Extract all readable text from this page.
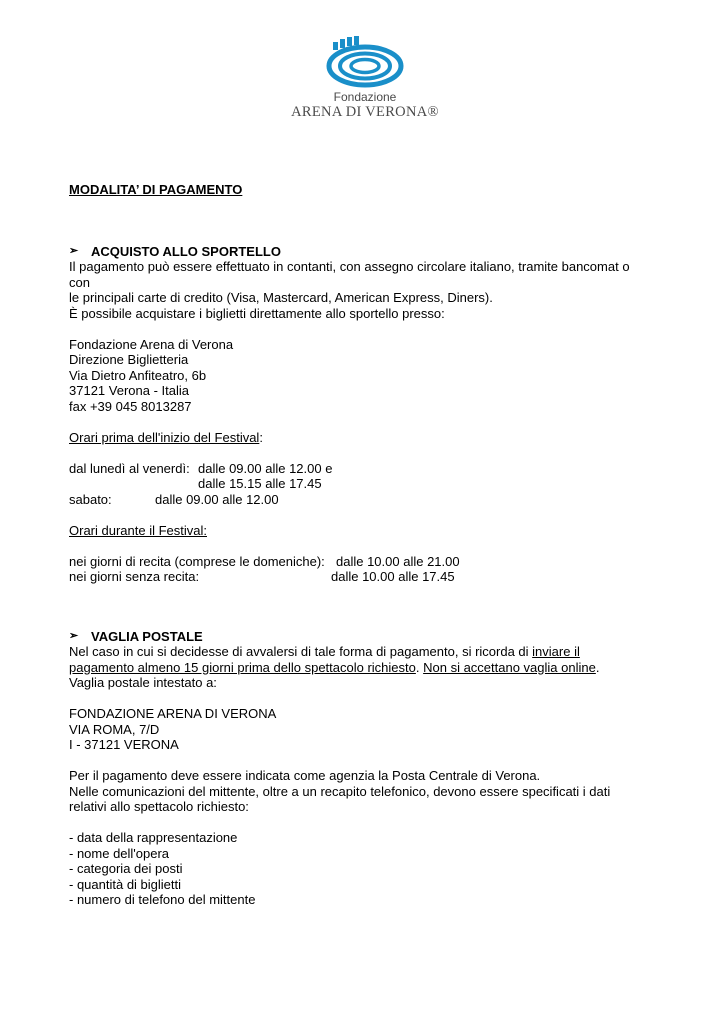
Fondazione
ARENA DI VERONA®

MODALITA’ DI PAGAMENTO

➢ ACQUISTO ALLO SPORTELLO

Il pagamento può essere effettuato in contanti, con assegno circolare italiano, tramite bancomat o

con

le principali carte di credito (Visa, Mastercard, American Express, Diners).

È possibile acquistare i biglietti direttamente allo sportello presso:

Fondazione Arena di Verona

Direzione Biglietteria

Via Dietro Anfiteatro, 6b

37121 Verona - Italia

fax +39 045 8013287

Orari prima dell'inizio del Festival:

dal lunedì al venerdì: dalle 09.00 alle 12.00 e
dalle 15.15 alle 17.45
sabato:	dalle 09.00 alle 12.00

Orari durante il Festival:

nei giorni di recita (comprese le domeniche): dalle 10.00 alle 21.00
nei giorni senza recita:	dalle 10.00 alle 17.45

➢ VAGLIA POSTALE

Nel caso in cui si decidesse di avvalersi di tale forma di pagamento, si ricorda di inviare il

pagamento almeno 15 giorni prima dello spettacolo richiesto. Non si accettano vaglia online.

Vaglia postale intestato a:

FONDAZIONE ARENA DI VERONA

VIA ROMA, 7/D

I - 37121 VERONA

Per il pagamento deve essere indicata come agenzia la Posta Centrale di Verona.

Nelle comunicazioni del mittente, oltre a un recapito telefonico, devono essere specificati i dati

relativi allo spettacolo richiesto:

- data della rappresentazione

- nome dell'opera

- categoria dei posti

- quantità di biglietti

- numero di telefono del mittente
